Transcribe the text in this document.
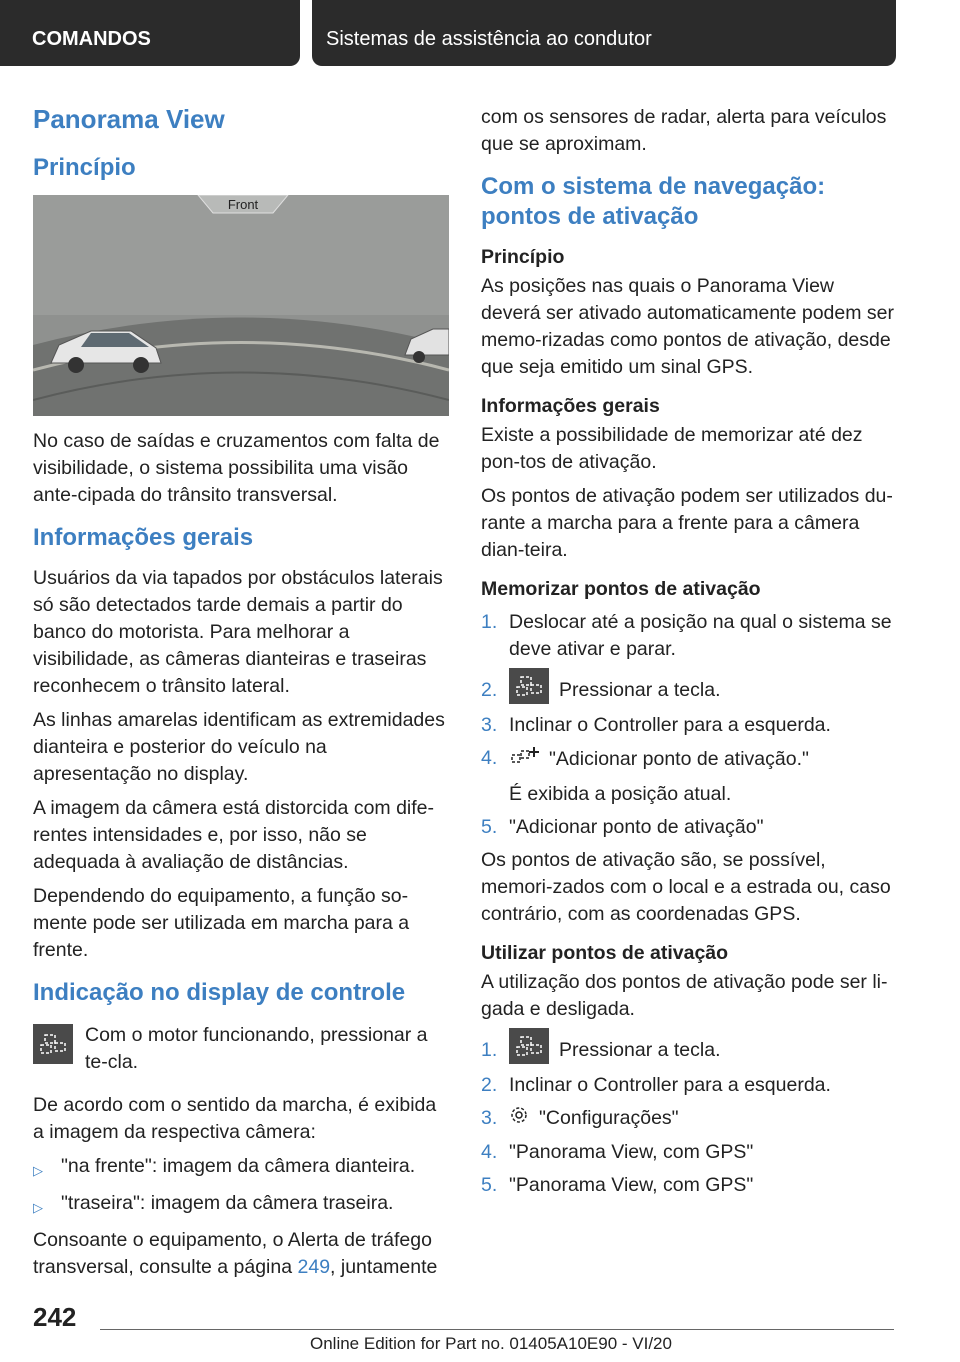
COMANDOS	Sistemas de assistência ao condutor
Panorama View
Princípio
Front
No caso de saídas e cruzamentos com falta de visibilidade, o sistema possibilita uma visão ante-cipada do trânsito transversal.
Informações gerais
Usuários da via tapados por obstáculos laterais só são detectados tarde demais a partir do banco do motorista. Para melhorar a visibilidade, as câmeras dianteiras e traseiras reconhecem o trânsito lateral.
As linhas amarelas identificam as extremidades dianteira e posterior do veículo na apresentação no display.
A imagem da câmera está distorcida com dife-rentes intensidades e, por isso, não se adequada à avaliação de distâncias.
Dependendo do equipamento, a função so-mente pode ser utilizada em marcha para a frente.
Indicação no display de controle
Com o motor funcionando, pressionar a te-cla.
De acordo com o sentido da marcha, é exibida a imagem da respectiva câmera:
▷ "na frente": imagem da câmera dianteira.
▷ "traseira": imagem da câmera traseira.
Consoante o equipamento, o Alerta de tráfego transversal, consulte a página 249, juntamente
com os sensores de radar, alerta para veículos que se aproximam.
Com o sistema de navegação: pontos de ativação
Princípio
As posições nas quais o Panorama View deverá ser ativado automaticamente podem ser memo-rizadas como pontos de ativação, desde que seja emitido um sinal GPS.
Informações gerais
Existe a possibilidade de memorizar até dez pon-tos de ativação.
Os pontos de ativação podem ser utilizados du-rante a marcha para a frente para a câmera dian-teira.
Memorizar pontos de ativação
1. Deslocar até a posição na qual o sistema se deve ativar e parar.
2.	Pressionar a tecla.
3. Inclinar o Controller para a esquerda.
4.	"Adicionar ponto de ativação."
É exibida a posição atual.
5. "Adicionar ponto de ativação"
Os pontos de ativação são, se possível, memori-zados com o local e a estrada ou, caso contrário, com as coordenadas GPS.
Utilizar pontos de ativação
A utilização dos pontos de ativação pode ser li-gada e desligada.
1.	Pressionar a tecla.
2. Inclinar o Controller para a esquerda.
3.	"Configurações"
4. "Panorama View, com GPS"
5. "Panorama View, com GPS"
242
Online Edition for Part no. 01405A10E90 - VI/20
